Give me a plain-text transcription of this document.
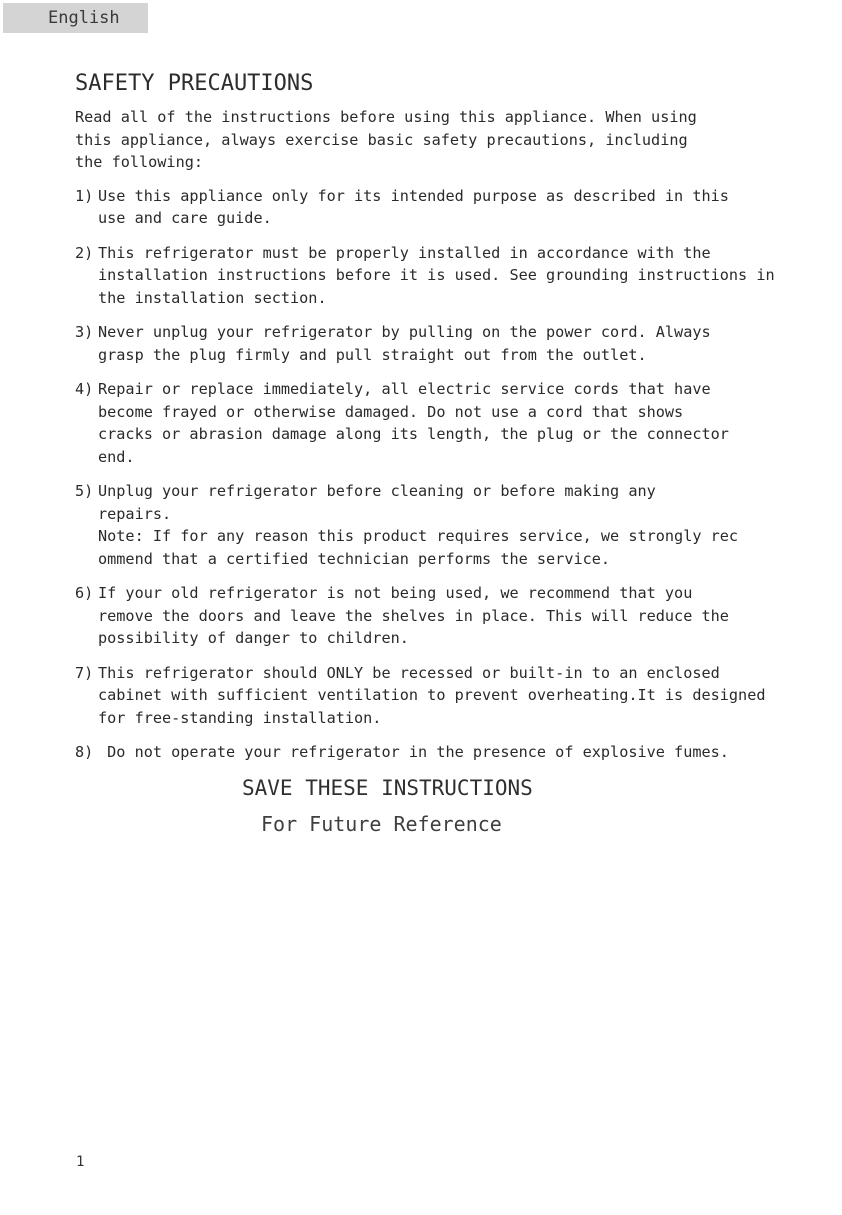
English
SAFETY PRECAUTIONS
Read all of the instructions before using this appliance. When using
this appliance, always exercise basic safety precautions, including
the following:
1) Use this appliance only for its intended purpose as described in this
use and care guide.
2) This refrigerator must be properly installed in accordance with the
installation instructions before it is used. See grounding instructions in
the installation section.
3) Never unplug your refrigerator by pulling on the power cord. Always
grasp the plug firmly and pull straight out from the outlet.
4) Repair or replace immediately, all electric service cords that have
become frayed or otherwise damaged. Do not use a cord that shows
cracks or abrasion damage along its length, the plug or the connector
end.
5) Unplug your refrigerator before cleaning or before making any
repairs.
Note: If for any reason this product requires service, we strongly rec
ommend that a certified technician performs the service.
6) If your old refrigerator is not being used, we recommend that you
remove the doors and leave the shelves in place. This will reduce the
possibility of danger to children.
7) This refrigerator should ONLY be recessed or built-in to an enclosed
cabinet with sufficient ventilation to prevent overheating.It is designed
for free-standing installation.
8) Do not operate your refrigerator in the presence of explosive fumes.
SAVE THESE INSTRUCTIONS
For Future Reference
1
